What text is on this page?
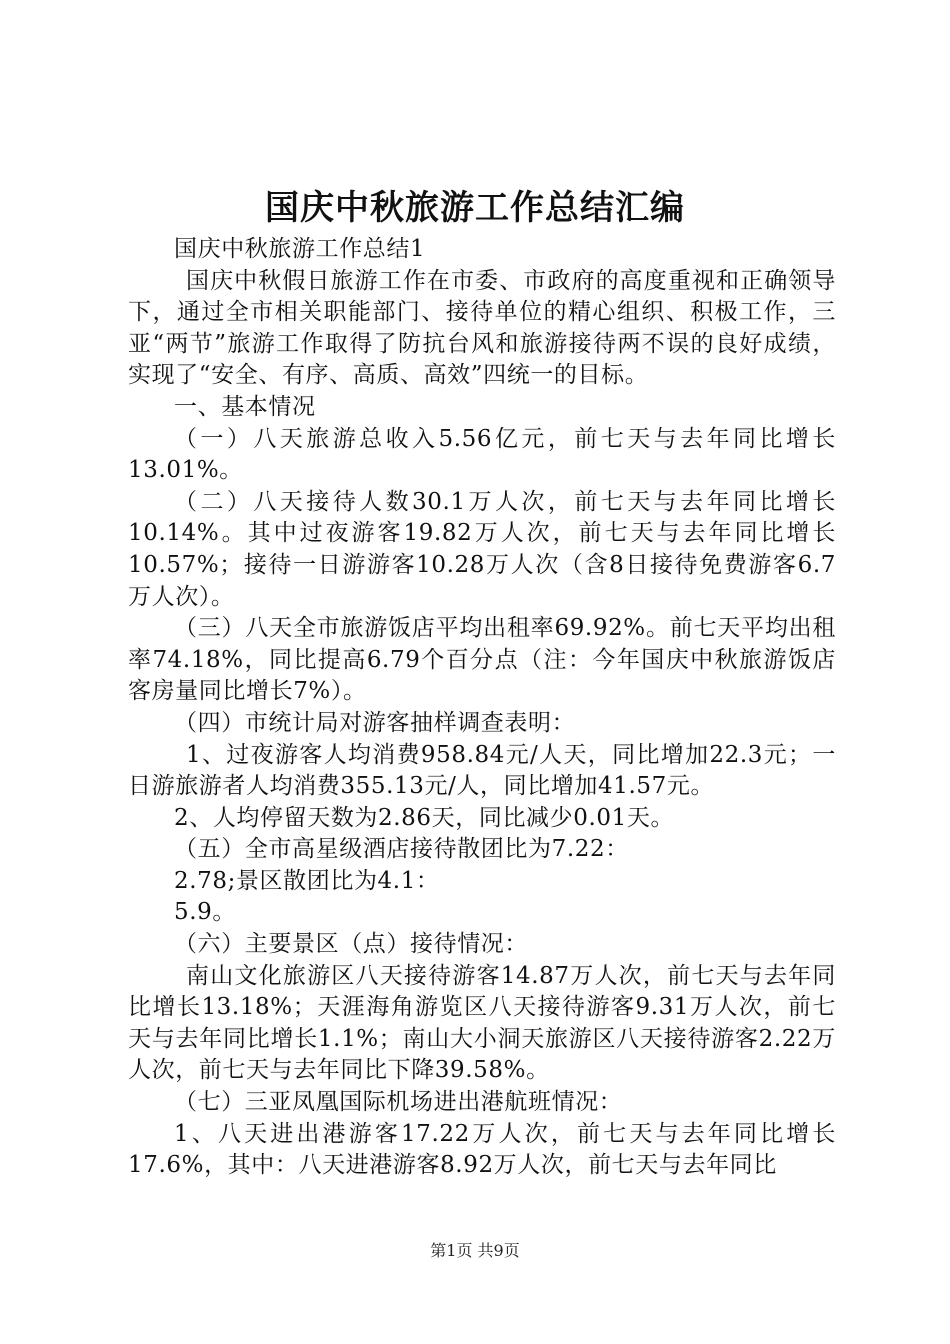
国庆中秋旅游工作总结汇编

国庆中秋旅游工作总结1

国庆中秋假日旅游工作在市委、市政府的高度重视和正确领导下，通过全市相关职能部门、接待单位的精心组织、积极工作，三亚“两节”旅游工作取得了防抗台风和旅游接待两不误的良好成绩，实现了“安全、有序、高质、高效”四统一的目标。

一、基本情况

（一）八天旅游总收入5.56亿元，前七天与去年同比增长13.01%。

（二）八天接待人数30.1万人次，前七天与去年同比增长10.14%。其中过夜游客19.82万人次，前七天与去年同比增长10.57%；接待一日游游客10.28万人次（含8日接待免费游客6.7万人次）。

（三）八天全市旅游饭店平均出租率69.92%。前七天平均出租率74.18%，同比提高6.79个百分点（注：今年国庆中秋旅游饭店客房量同比增长7%）。

（四）市统计局对游客抽样调查表明：

1、过夜游客人均消费958.84元/人天，同比增加22.3元；一日游旅游者人均消费355.13元/人，同比增加41.57元。

2、人均停留天数为2.86天，同比减少0.01天。

（五）全市高星级酒店接待散团比为7.22：

2.78;景区散团比为4.1：

5.9。

（六）主要景区（点）接待情况：

南山文化旅游区八天接待游客14.87万人次，前七天与去年同比增长13.18%；天涯海角游览区八天接待游客9.31万人次，前七天与去年同比增长1.1%；南山大小洞天旅游区八天接待游客2.22万人次，前七天与去年同比下降39.58%。

（七）三亚凤凰国际机场进出港航班情况：

1、八天进出港游客17.22万人次，前七天与去年同比增长17.6%，其中：八天进港游客8.92万人次，前七天与去年同比

第1页 共9页
